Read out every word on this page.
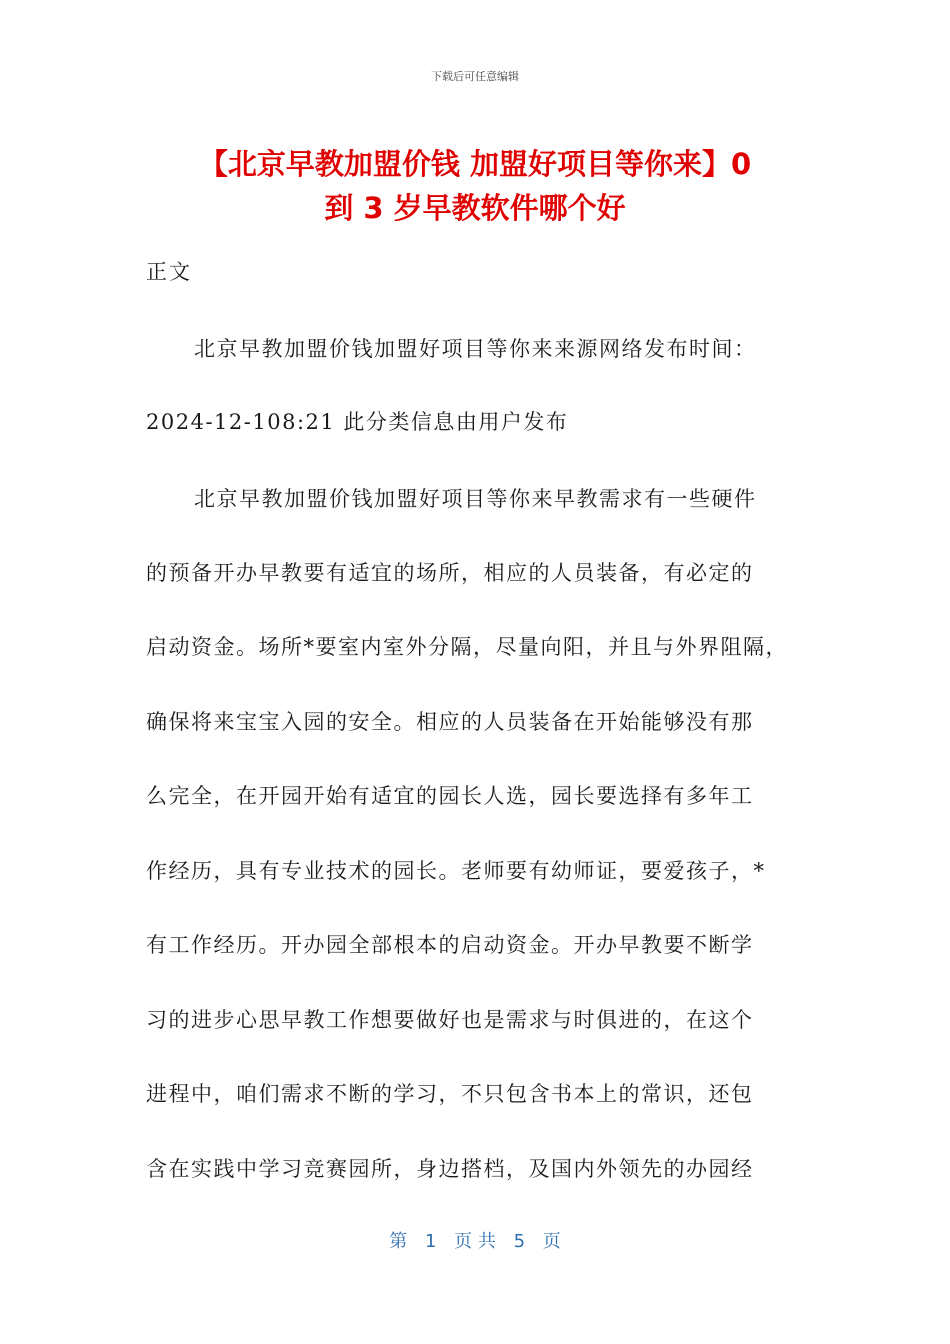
下载后可任意编辑
【北京早教加盟价钱 加盟好项目等你来】0
到 3 岁早教软件哪个好
正文
北京早教加盟价钱加盟好项目等你来来源网络发布时间：
2024-12-108:21 此分类信息由用户发布
北京早教加盟价钱加盟好项目等你来早教需求有一些硬件
的预备开办早教要有适宜的场所，相应的人员装备，有必定的
启动资金。场所*要室内室外分隔，尽量向阳，并且与外界阻隔，
确保将来宝宝入园的安全。相应的人员装备在开始能够没有那
么完全，在开园开始有适宜的园长人选，园长要选择有多年工
作经历，具有专业技术的园长。老师要有幼师证，要爱孩子，*
有工作经历。开办园全部根本的启动资金。开办早教要不断学
习的进步心思早教工作想要做好也是需求与时俱进的，在这个
进程中，咱们需求不断的学习，不只包含书本上的常识，还包
含在实践中学习竞赛园所，身边搭档，及国内外领先的办园经
第 1 页 共 5 页
